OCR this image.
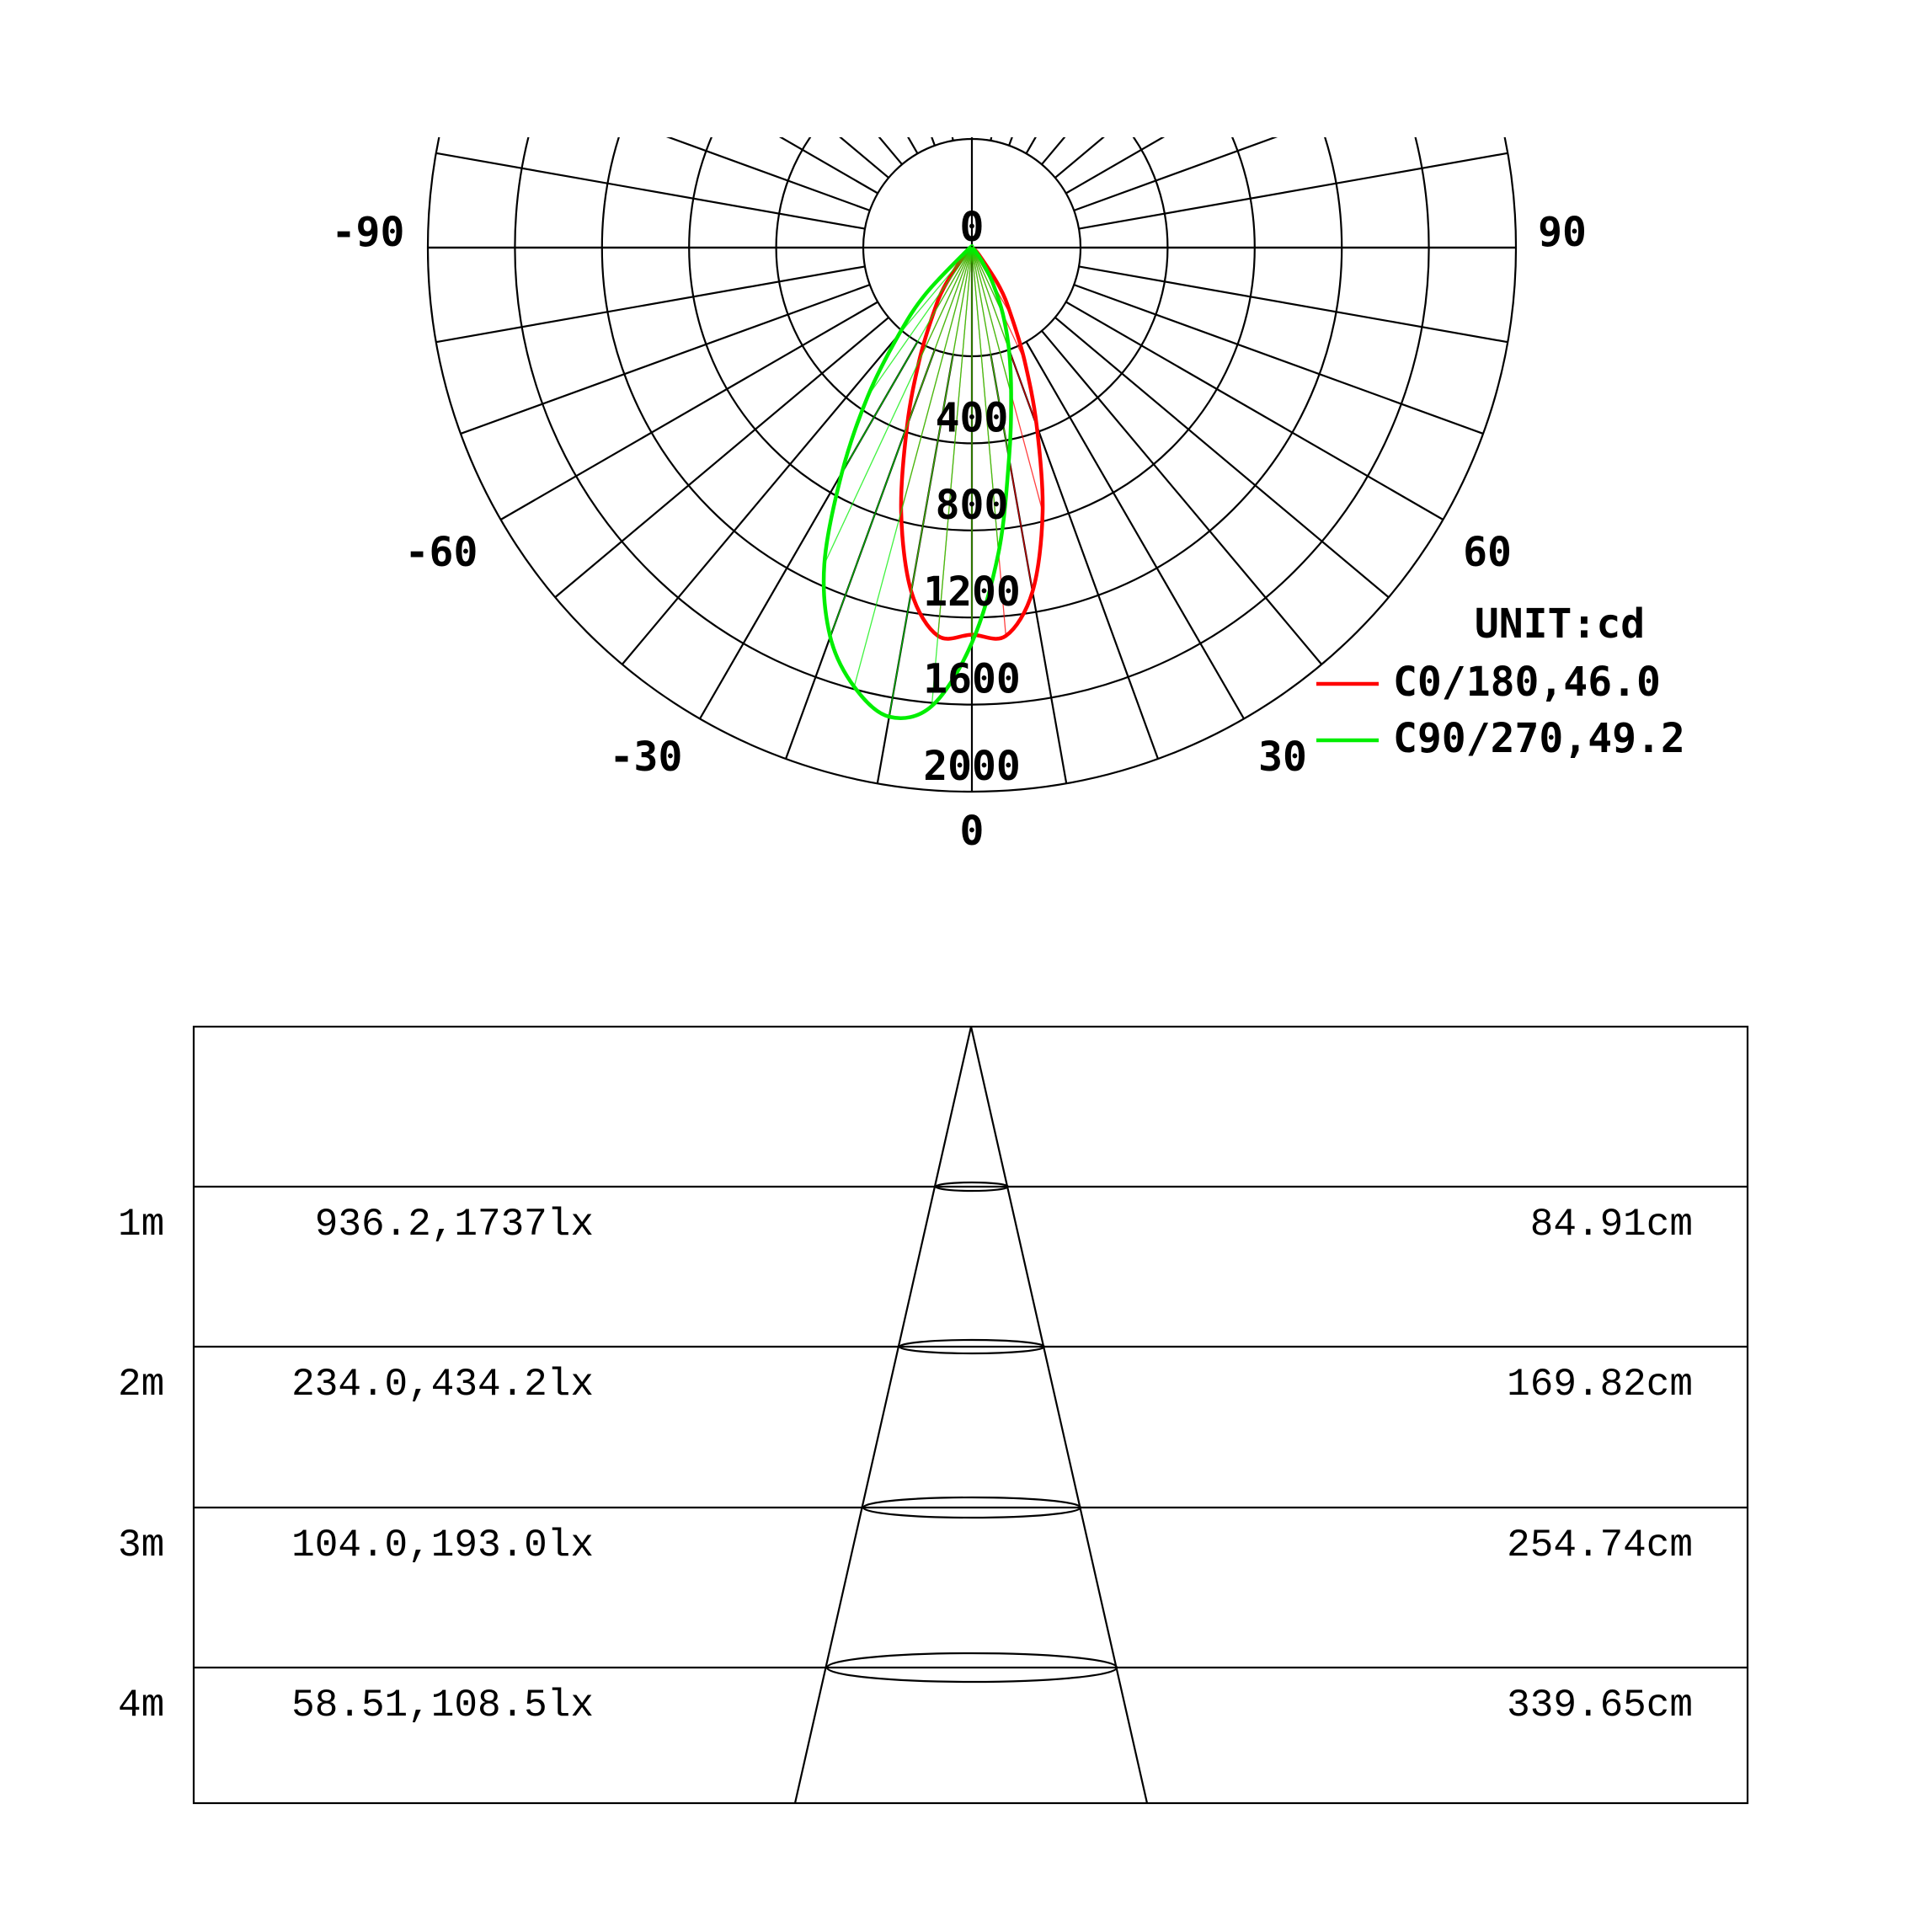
400
800
1200
1600
2000
0
-90	90
-60	60
-30	30
0
UNIT:cd
C0/180,46.0
C90/270,49.2
1m	936.2,1737lx	84.91cm
2m	234.0,434.2lx	169.82cm
3m	104.0,193.0lx	254.74cm
4m	58.51,108.5lx	339.65cm
